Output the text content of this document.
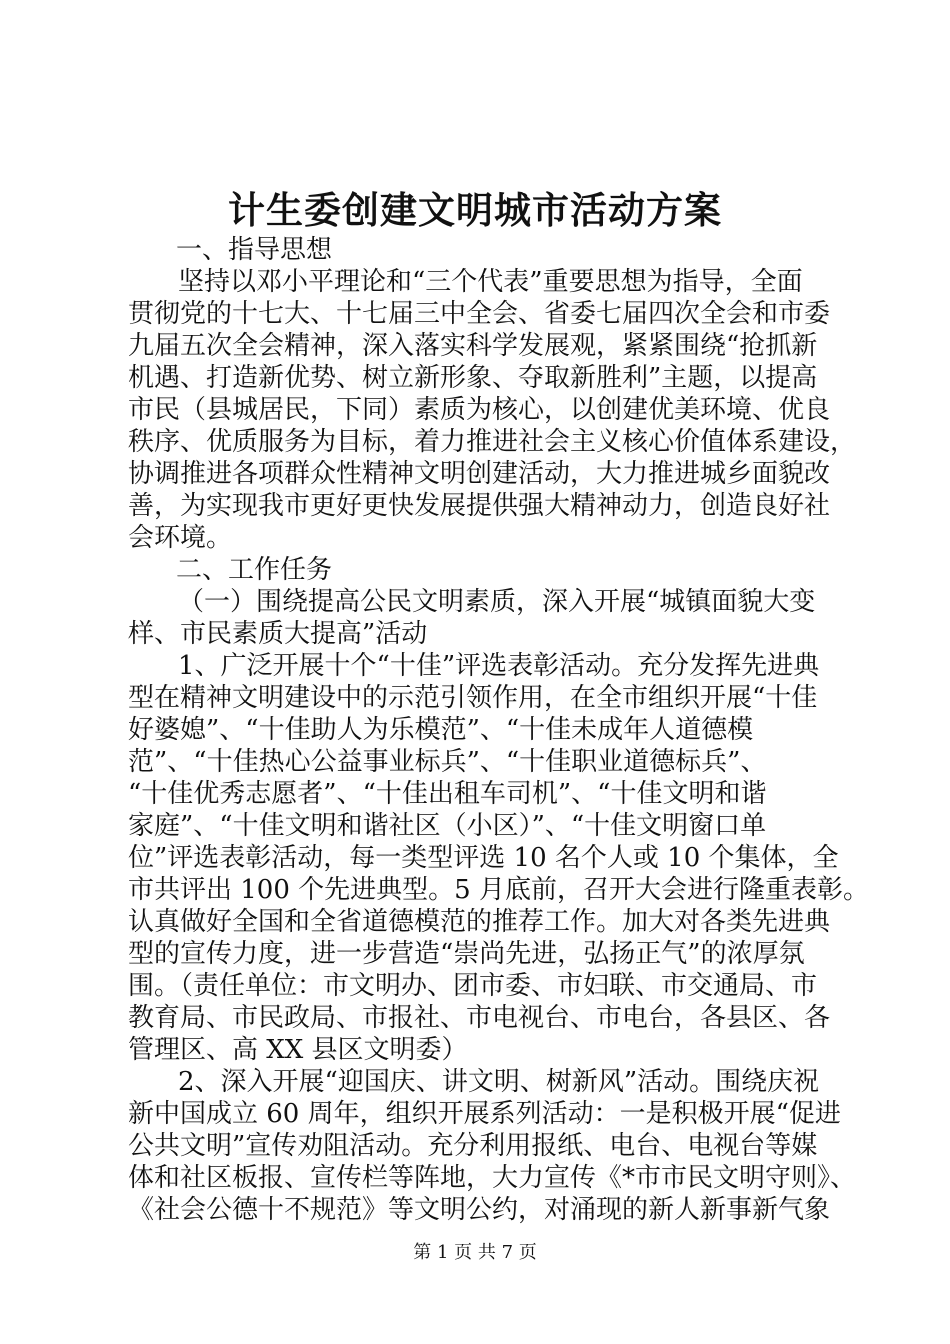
计生委创建文明城市活动方案
一、指导思想
坚持以邓小平理论和“三个代表”重要思想为指导，全面
贯彻党的十七大、十七届三中全会、省委七届四次全会和市委
九届五次全会精神，深入落实科学发展观，紧紧围绕“抢抓新
机遇、打造新优势、树立新形象、夺取新胜利”主题，以提高
市民（县城居民，下同）素质为核心，以创建优美环境、优良
秩序、优质服务为目标，着力推进社会主义核心价值体系建设，
协调推进各项群众性精神文明创建活动，大力推进城乡面貌改
善，为实现我市更好更快发展提供强大精神动力，创造良好社
会环境。
二、工作任务
（一）围绕提高公民文明素质，深入开展“城镇面貌大变
样、市民素质大提高”活动
1、广泛开展十个“十佳”评选表彰活动。充分发挥先进典
型在精神文明建设中的示范引领作用，在全市组织开展“十佳
好婆媳”、“十佳助人为乐模范”、“十佳未成年人道德模
范”、“十佳热心公益事业标兵”、“十佳职业道德标兵”、
“十佳优秀志愿者”、“十佳出租车司机”、“十佳文明和谐
家庭”、“十佳文明和谐社区（小区）”、“十佳文明窗口单
位”评选表彰活动，每一类型评选 10 名个人或 10 个集体，全
市共评出 100 个先进典型。5 月底前，召开大会进行隆重表彰。
认真做好全国和全省道德模范的推荐工作。加大对各类先进典
型的宣传力度，进一步营造“崇尚先进，弘扬正气”的浓厚氛
围。（责任单位：市文明办、团市委、市妇联、市交通局、市
教育局、市民政局、市报社、市电视台、市电台，各县区、各
管理区、高 XX 县区文明委）
2、深入开展“迎国庆、讲文明、树新风”活动。围绕庆祝
新中国成立 60 周年，组织开展系列活动：一是积极开展“促进
公共文明”宣传劝阻活动。充分利用报纸、电台、电视台等媒
体和社区板报、宣传栏等阵地，大力宣传《*市市民文明守则》、
《社会公德十不规范》等文明公约，对涌现的新人新事新气象
第 1 页 共 7 页
